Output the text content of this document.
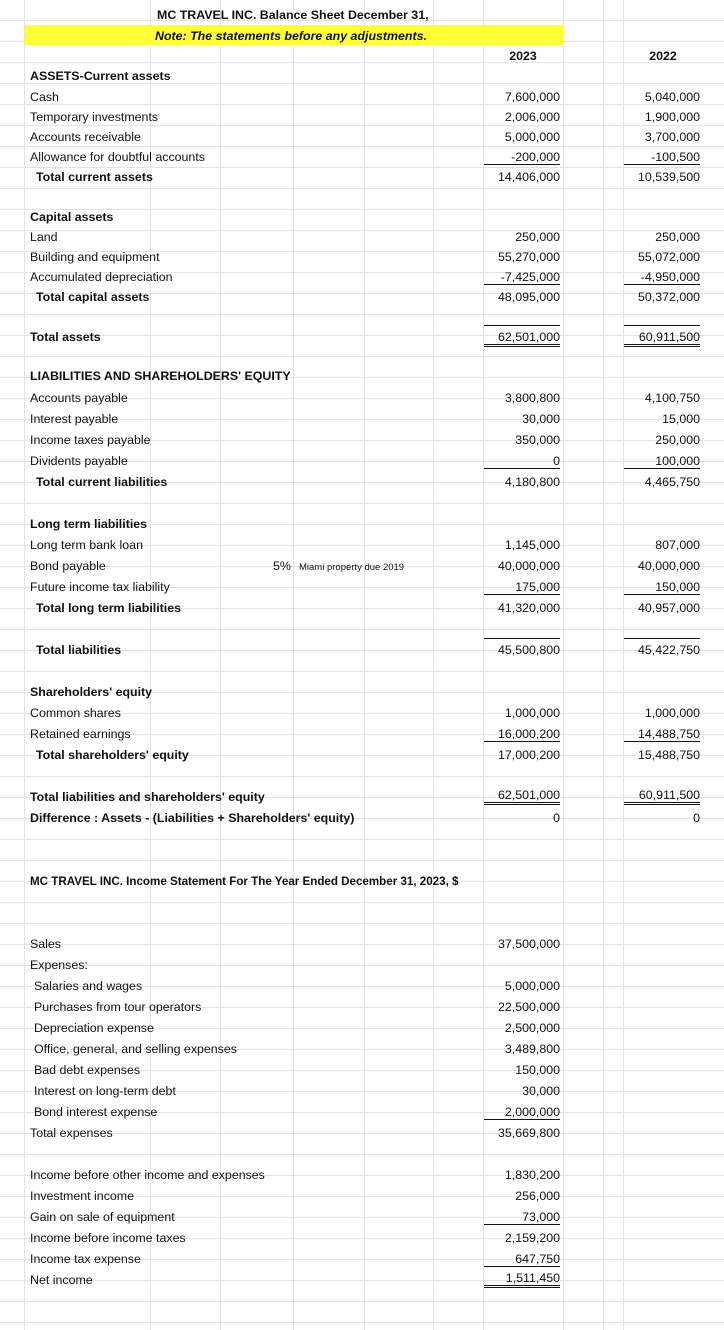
MC TRAVEL INC. Balance Sheet December 31,
Note: The statements before any adjustments.
2023	2022
ASSETS-Current assets
Cash	7,600,000	5,040,000
Temporary investments	2,006,000	1,900,000
Accounts receivable	5,000,000	3,700,000
Allowance for doubtful accounts	-200,000	-100,500
Total current assets	14,406,000	10,539,500
Capital assets
Land	250,000	250,000
Building and equipment	55,270,000	55,072,000
Accumulated depreciation	-7,425,000	-4,950,000
Total capital assets	48,095,000	50,372,000
Total assets	62,501,000	60,911,500
LIABILITIES AND SHAREHOLDERS' EQUITY
Accounts payable	3,800,800	4,100,750
Interest payable	30,000	15,000
Income taxes payable	350,000	250,000
Dividents payable	0	100,000
Total current liabilities	4,180,800	4,465,750
Long term liabilities
Long term bank loan	1,145,000	807,000
Bond payable	5% Miami property due 2019	40,000,000	40,000,000
Future income tax liability	175,000	150,000
Total long term liabilities	41,320,000	40,957,000
Total liabilities	45,500,800	45,422,750
Shareholders' equity
Common shares	1,000,000	1,000,000
Retained earnings	16,000,200	14,488,750
Total shareholders' equity	17,000,200	15,488,750
Total liabilities and shareholders' equity	62,501,000	60,911,500
Difference : Assets - (Liabilities + Shareholders' equity)	0	0
MC TRAVEL INC. Income Statement For The Year Ended December 31, 2023, $
Sales	37,500,000
Expenses:
Salaries and wages	5,000,000
Purchases from tour operators	22,500,000
Depreciation expense	2,500,000
Office, general, and selling expenses	3,489,800
Bad debt expenses	150,000
Interest on long-term debt	30,000
Bond interest expense	2,000,000
Total expenses	35,669,800
Income before other income and expenses	1,830,200
Investment income	256,000
Gain on sale of equipment	73,000
Income before income taxes	2,159,200
Income tax expense	647,750
Net income	1,511,450
